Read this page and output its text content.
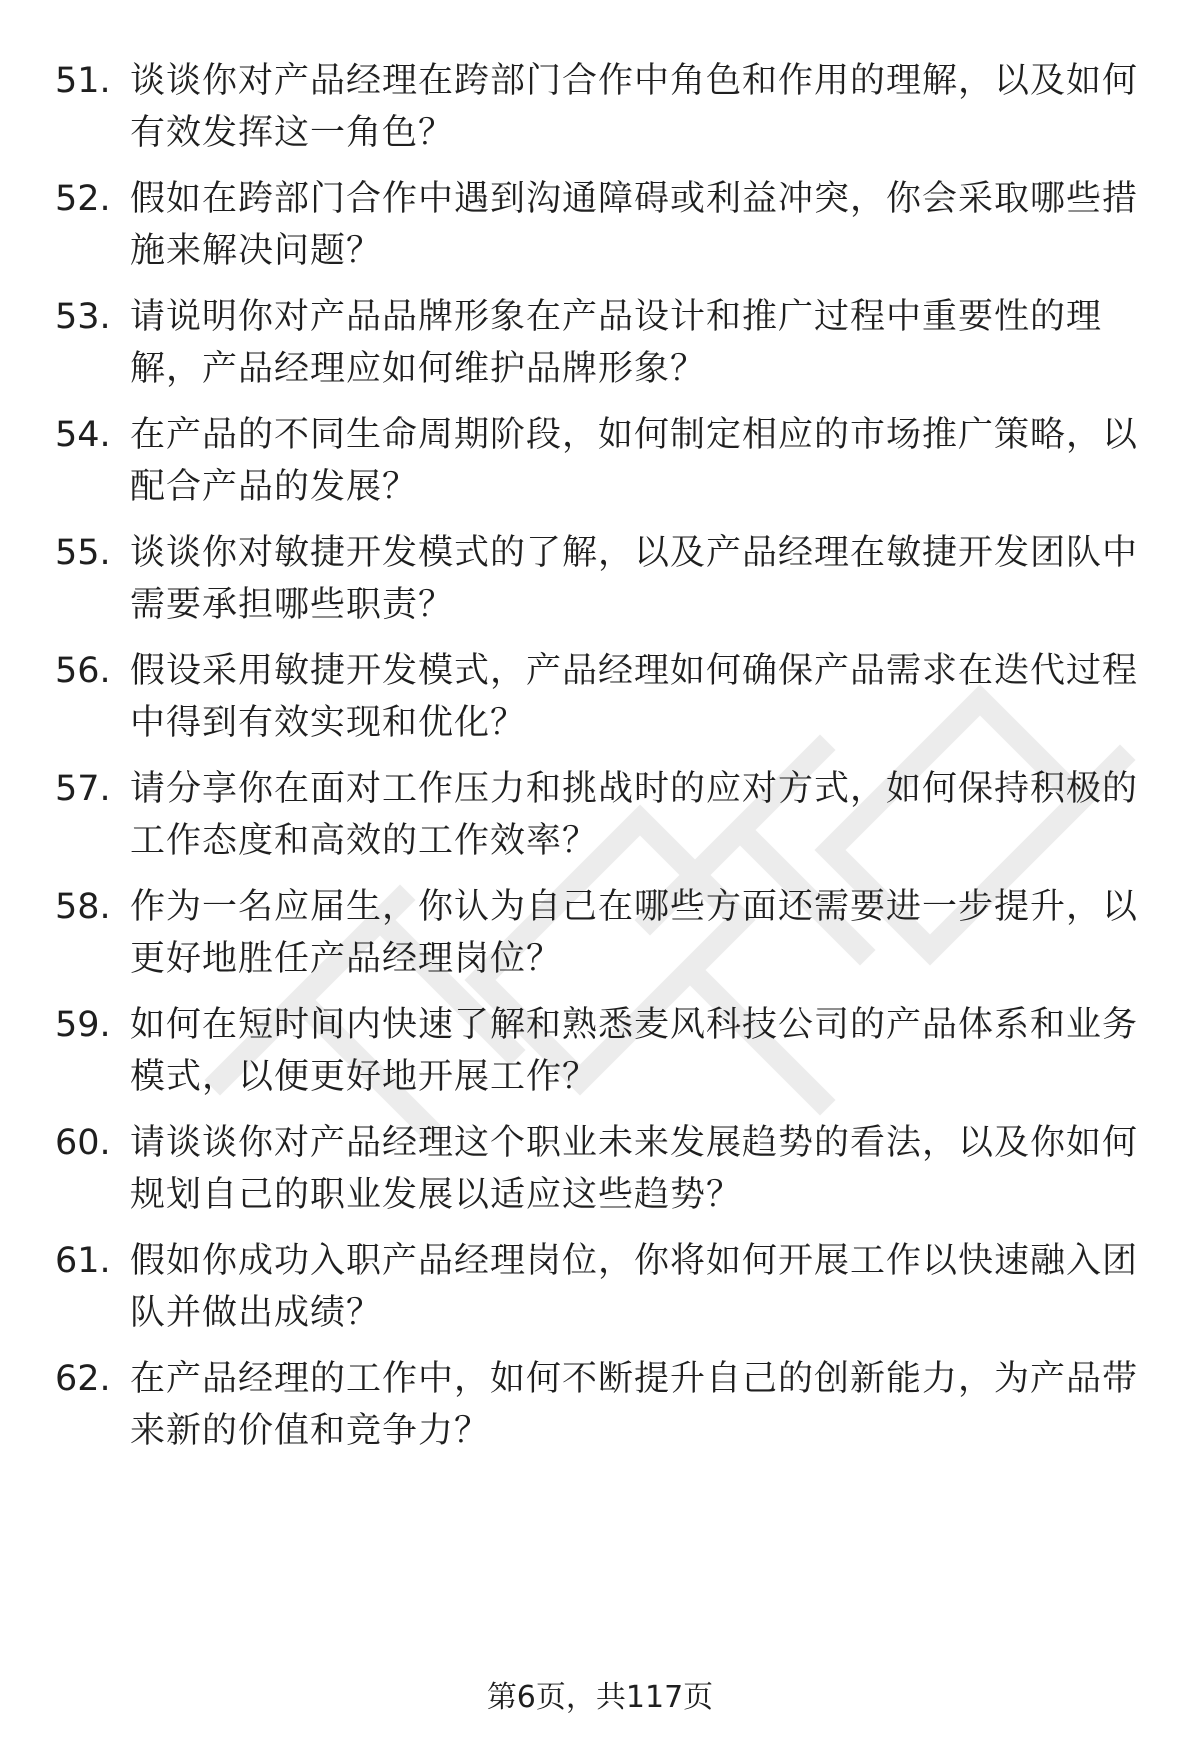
51. 谈谈你对产品经理在跨部门合作中角色和作用的理解，以及如何有效发挥这一角色？
52. 假如在跨部门合作中遇到沟通障碍或利益冲突，你会采取哪些措施来解决问题？
53. 请说明你对产品品牌形象在产品设计和推广过程中重要性的理解，产品经理应如何维护品牌形象？
54. 在产品的不同生命周期阶段，如何制定相应的市场推广策略，以配合产品的发展？
55. 谈谈你对敏捷开发模式的了解，以及产品经理在敏捷开发团队中需要承担哪些职责？
56. 假设采用敏捷开发模式，产品经理如何确保产品需求在迭代过程中得到有效实现和优化？
57. 请分享你在面对工作压力和挑战时的应对方式，如何保持积极的工作态度和高效的工作效率？
58. 作为一名应届生，你认为自己在哪些方面还需要进一步提升，以更好地胜任产品经理岗位？
59. 如何在短时间内快速了解和熟悉麦风科技公司的产品体系和业务模式，以便更好地开展工作？
60. 请谈谈你对产品经理这个职业未来发展趋势的看法，以及你如何规划自己的职业发展以适应这些趋势？
61. 假如你成功入职产品经理岗位，你将如何开展工作以快速融入团队并做出成绩？
62. 在产品经理的工作中，如何不断提升自己的创新能力，为产品带来新的价值和竞争力？
第6页，共117页
